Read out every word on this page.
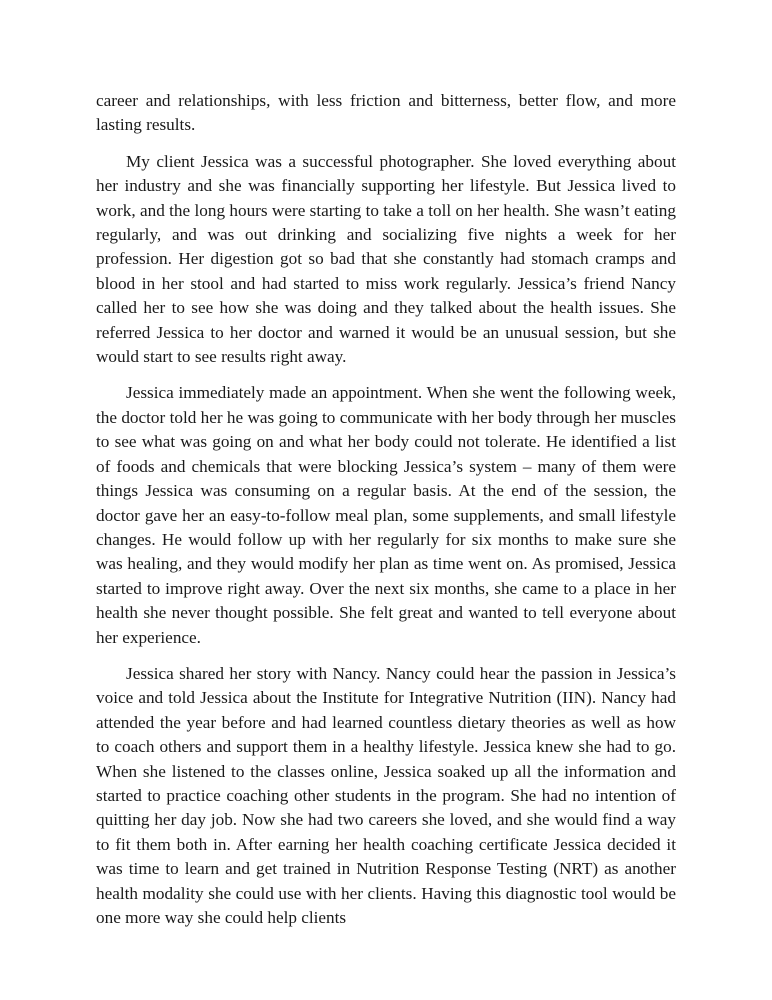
career and relationships, with less friction and bitterness, better flow, and more lasting results.

My client Jessica was a successful photographer. She loved everything about her industry and she was financially supporting her lifestyle. But Jessica lived to work, and the long hours were starting to take a toll on her health. She wasn’t eating regularly, and was out drinking and socializing five nights a week for her profession. Her digestion got so bad that she constantly had stomach cramps and blood in her stool and had started to miss work regularly. Jessica’s friend Nancy called her to see how she was doing and they talked about the health issues. She referred Jessica to her doctor and warned it would be an unusual session, but she would start to see results right away.

Jessica immediately made an appointment. When she went the following week, the doctor told her he was going to communicate with her body through her muscles to see what was going on and what her body could not tolerate. He identified a list of foods and chemicals that were blocking Jessica’s system – many of them were things Jessica was consuming on a regular basis. At the end of the session, the doctor gave her an easy-to-follow meal plan, some supplements, and small lifestyle changes. He would follow up with her regularly for six months to make sure she was healing, and they would modify her plan as time went on. As promised, Jessica started to improve right away. Over the next six months, she came to a place in her health she never thought possible. She felt great and wanted to tell everyone about her experience.

Jessica shared her story with Nancy. Nancy could hear the passion in Jessica’s voice and told Jessica about the Institute for Integrative Nutrition (IIN). Nancy had attended the year before and had learned countless dietary theories as well as how to coach others and support them in a healthy lifestyle. Jessica knew she had to go. When she listened to the classes online, Jessica soaked up all the information and started to practice coaching other students in the program. She had no intention of quitting her day job. Now she had two careers she loved, and she would find a way to fit them both in. After earning her health coaching certificate Jessica decided it was time to learn and get trained in Nutrition Response Testing (NRT) as another health modality she could use with her clients. Having this diagnostic tool would be one more way she could help clients
